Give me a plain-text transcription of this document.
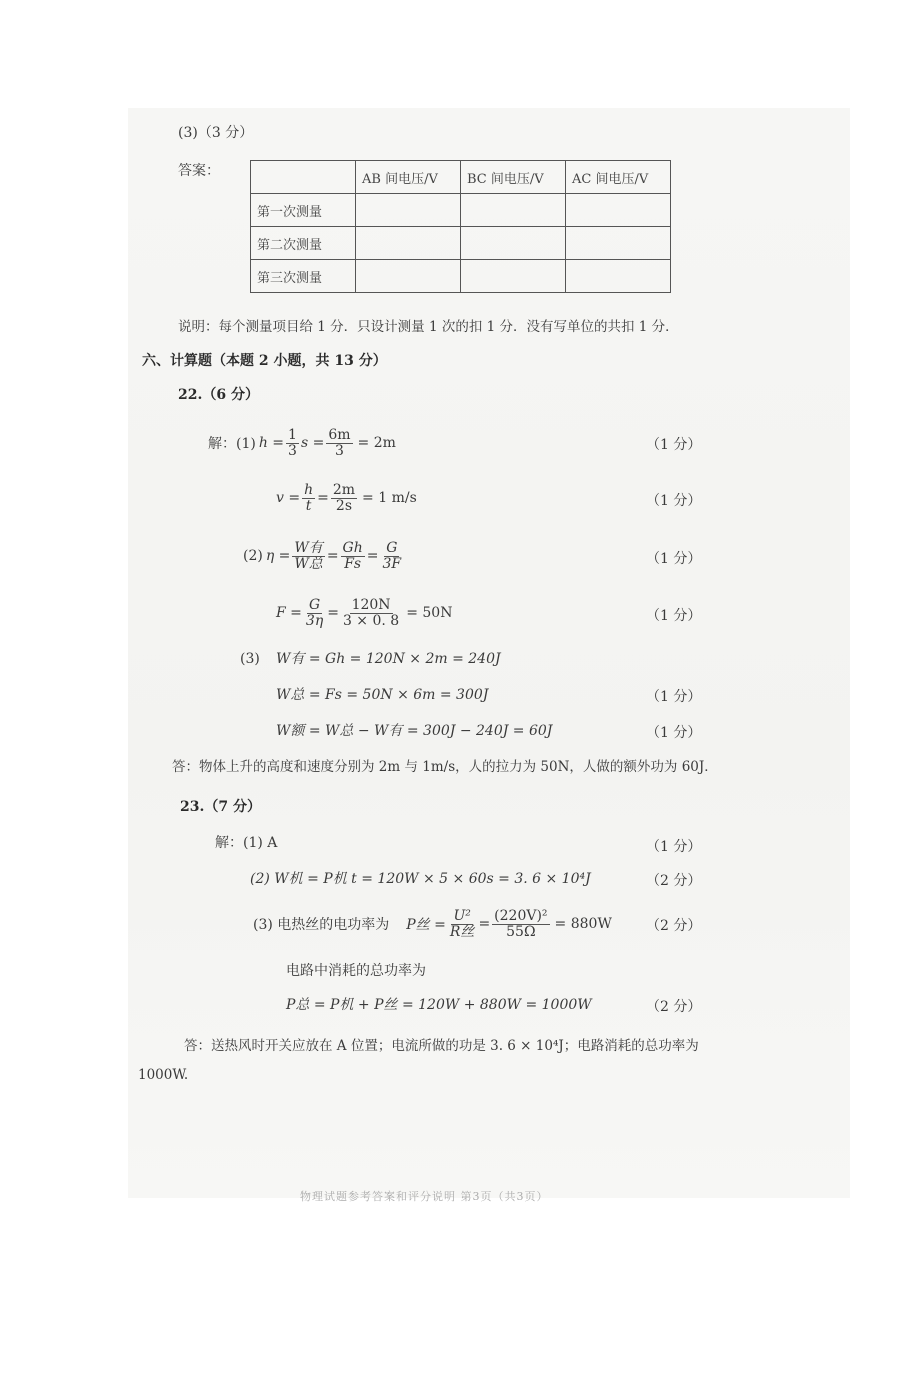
(3)（3 分）
答案：
		AB 间电压/V	BC 间电压/V	AC 间电压/V
第一次测量			
第二次测量			
第三次测量			
说明：每个测量项目给 1 分．只设计测量 1 次的扣 1 分．没有写单位的共扣 1 分．
六、计算题（本题 2 小题，共 13 分）
22.（6 分）
解：(1) $h = \frac{1}{3}$ $s = \frac{6m}{3} = 2m$	（1 分）
$v = \frac{h}{t} = \frac{2m}{2s} = 1$ m/s	（1 分）
(2) $\eta = \frac{\text{W有}}{\text{W总}} = \frac{Gh}{Fs} = \frac{G}{3F}$	（1 分）
$F = \frac{G}{3\eta} = \frac{120N}{3 \times 0. 8} = 50N$	（1 分）
(3) W有 = Gh = 120N × 2m = 240J
W总 = Fs = 50N × 6m = 300J	（1 分）
W额 = W总 − W有 = 300J − 240J = 60J	（1 分）
答：物体上升的高度和速度分别为 2m 与 1m/s，人的拉力为 50N，人做的额外功为 60J．
23.（7 分）
解：(1) A	（1 分）
(2) W机 = P机 t = 120W × 5 × 60s = 3. 6 × 10⁴J	（2 分）
(3) 电热丝的电功率为 P丝 = $\frac{\text{U²}}{\text{R丝}} = \frac{\text{(220V)²}}{55\Omega} = 880W$ （2 分）
电路中消耗的总功率为
P总 = P机 + P丝 = 120W + 880W = 1000W	（2 分）
答：送热风时开关应放在 A 位置；电流所做的功是 3. 6 × 10⁴J；电路消耗的总功率为
1000W.
物理试题参考答案和评分说明 第3页（共3页）
